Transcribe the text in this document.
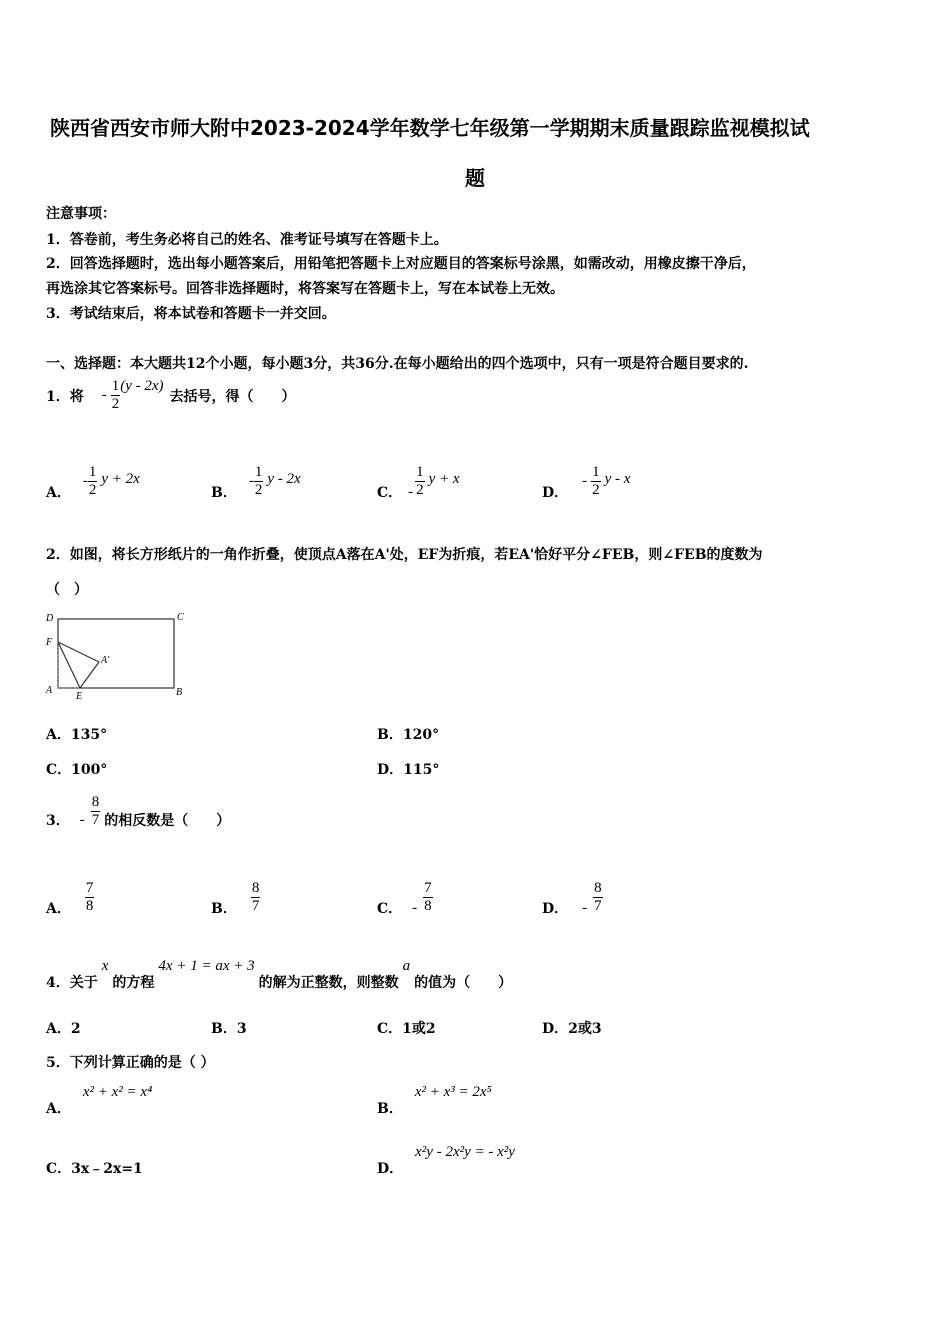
陕西省西安市师大附中2023-2024学年数学七年级第一学期期末质量跟踪监视模拟试
题
注意事项：
1．答卷前，考生务必将自己的姓名、准考证号填写在答题卡上。
2．回答选择题时，选出每小题答案后，用铅笔把答题卡上对应题目的答案标号涂黑，如需改动，用橡皮擦干净后，
再选涂其它答案标号。回答非选择题时，将答案写在答题卡上，写在本试卷上无效。
3．考试结束后，将本试卷和答题卡一并交回。
一、选择题：本大题共12个小题，每小题3分，共36分.在每小题给出的四个选项中，只有一项是符合题目要求的.
1．将 - $\frac{1}{2} (y - 2x)$
去括号，得（　　）
A．
- $\frac{1}{2}$ y + 2x
B．
- $\frac{1}{2}$ y - 2x
C． - $\frac{1}{2}$ y + x
D．
- $\frac{1}{2}$ y - x
2．如图，将长方形纸片的一角作折叠，使顶点A落在A'处，EF为折痕，若EA'恰好平分∠FEB，则∠FEB的度数为
（　）
D	C
F
A'
A
E	B
A．135°	B．120°
C．100°	D．115°
3． - $\frac{8}{7}$ 的相反数是（　　）
A． $\frac{7}{8}$	B． $\frac{8}{7}$	C． - $\frac{7}{8}$	D． - $\frac{8}{7}$
4．关于
x
的方程
4x + 1 = ax + 3
的解为正整数，则整数
a
的值为（　　）
A．2	B．3	C．1或2	D．2或3
5．下列计算正确的是（ ）
A．
x² + x² = x⁴
B．
x² + x³ = 2x⁵
C．3x﹣2x=1	D．
x²y - 2x²y = - x²y
